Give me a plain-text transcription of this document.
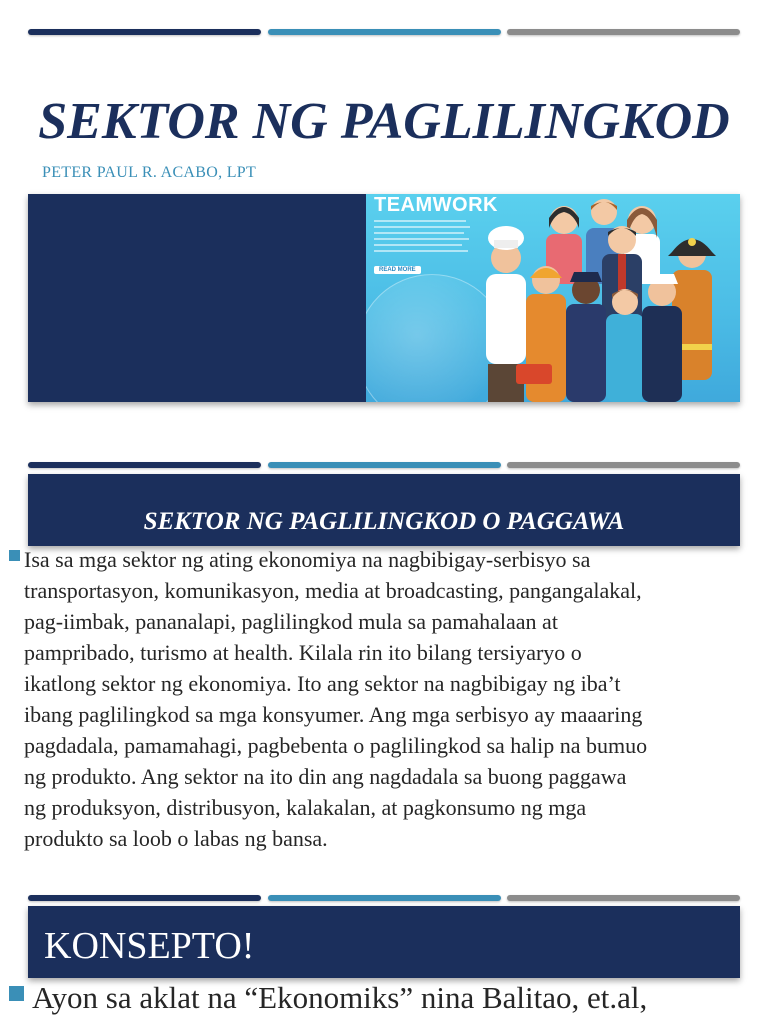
SEKTOR NG PAGLILINGKOD
PETER PAUL R. ACABO, LPT
TEAMWORK
READ MORE
SEKTOR NG PAGLILINGKOD O PAGGAWA
Isa sa mga sektor ng ating ekonomiya na nagbibigay-serbisyo sa
transportasyon, komunikasyon, media at broadcasting, pangangalakal,
pag-iimbak, pananalapi, paglilingkod mula sa pamahalaan at
pampribado, turismo at health. Kilala rin ito bilang tersiyaryo o
ikatlong sektor ng ekonomiya. Ito ang sektor na nagbibigay ng iba’t
ibang paglilingkod sa mga konsyumer. Ang mga serbisyo ay maaaring
pagdadala, pamamahagi, pagbebenta o paglilingkod sa halip na bumuo
ng produkto. Ang sektor na ito din ang nagdadala sa buong paggawa
ng produksyon, distribusyon, kalakalan, at pagkonsumo ng mga
produkto sa loob o labas ng bansa.
KONSEPTO!
Ayon sa aklat na “Ekonomiks” nina Balitao, et.al,
